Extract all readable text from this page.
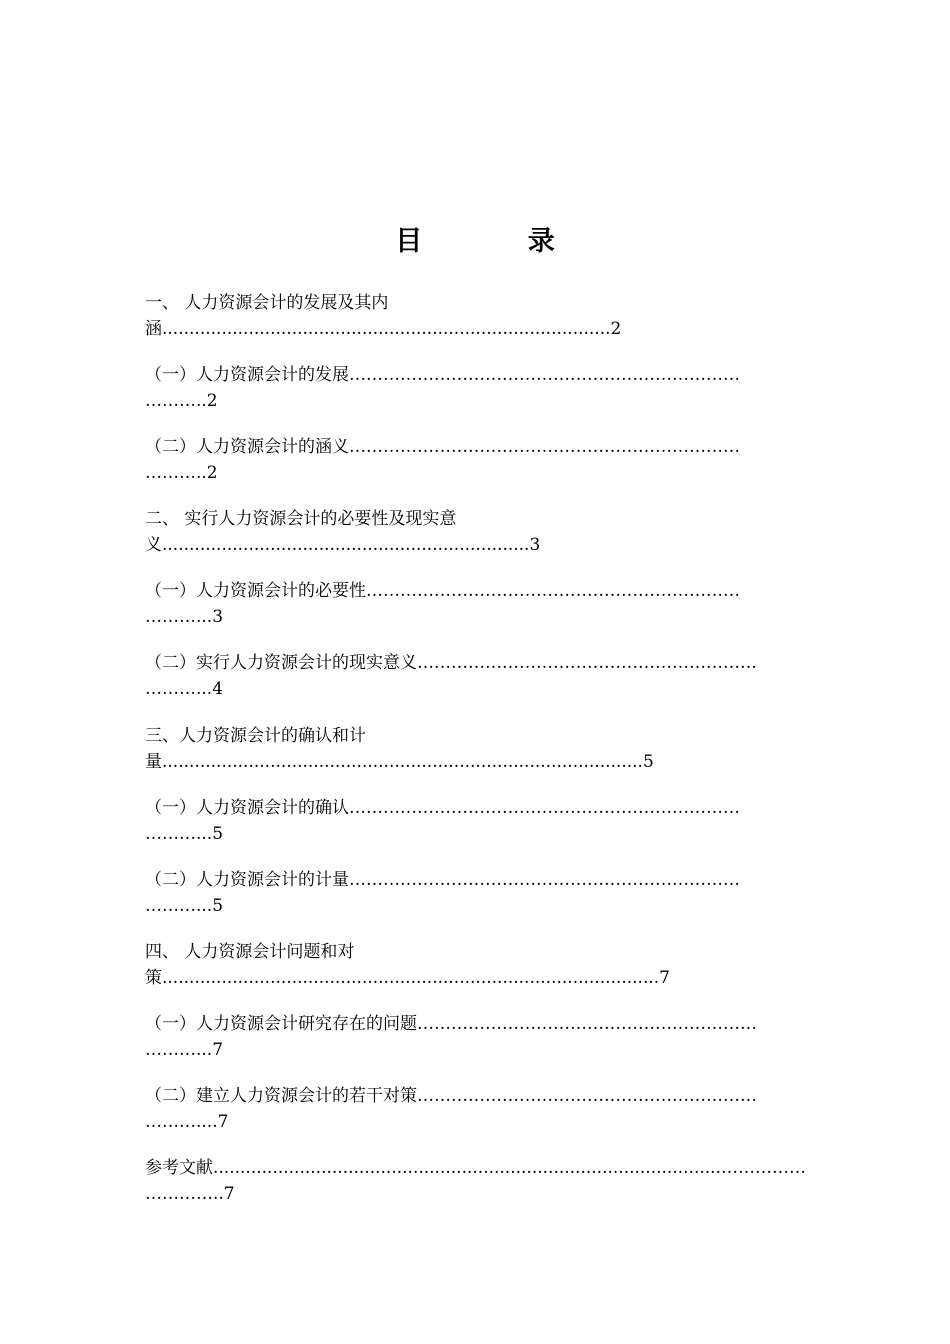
目 录
一、 人力资源会计的发展及其内
涵...................................................................................2
（一）人力资源会计的发展……………………………………………………………
………..2
（二）人力资源会计的涵义……………………………………………………………
………..2
二、 实行人力资源会计的必要性及现实意
义....................................................................3
（一）人力资源会计的必要性…………………………………………………………
………...3
（二）实行人力资源会计的现实意义……………………………………………………
………...4
三、人力资源会计的确认和计
量.........................................................................................5
（一）人力资源会计的确认……………………………………………………………
………...5
（二）人力资源会计的计量……………………………………………………………
………...5
四、 人力资源会计问题和对
策............................................................................................7
（一）人力资源会计研究存在的问题……………………………………………………
………...7
（二）建立人力资源会计的若干对策……………………………………………………
………....7
参考文献..............................................................................................……………
…………..7
